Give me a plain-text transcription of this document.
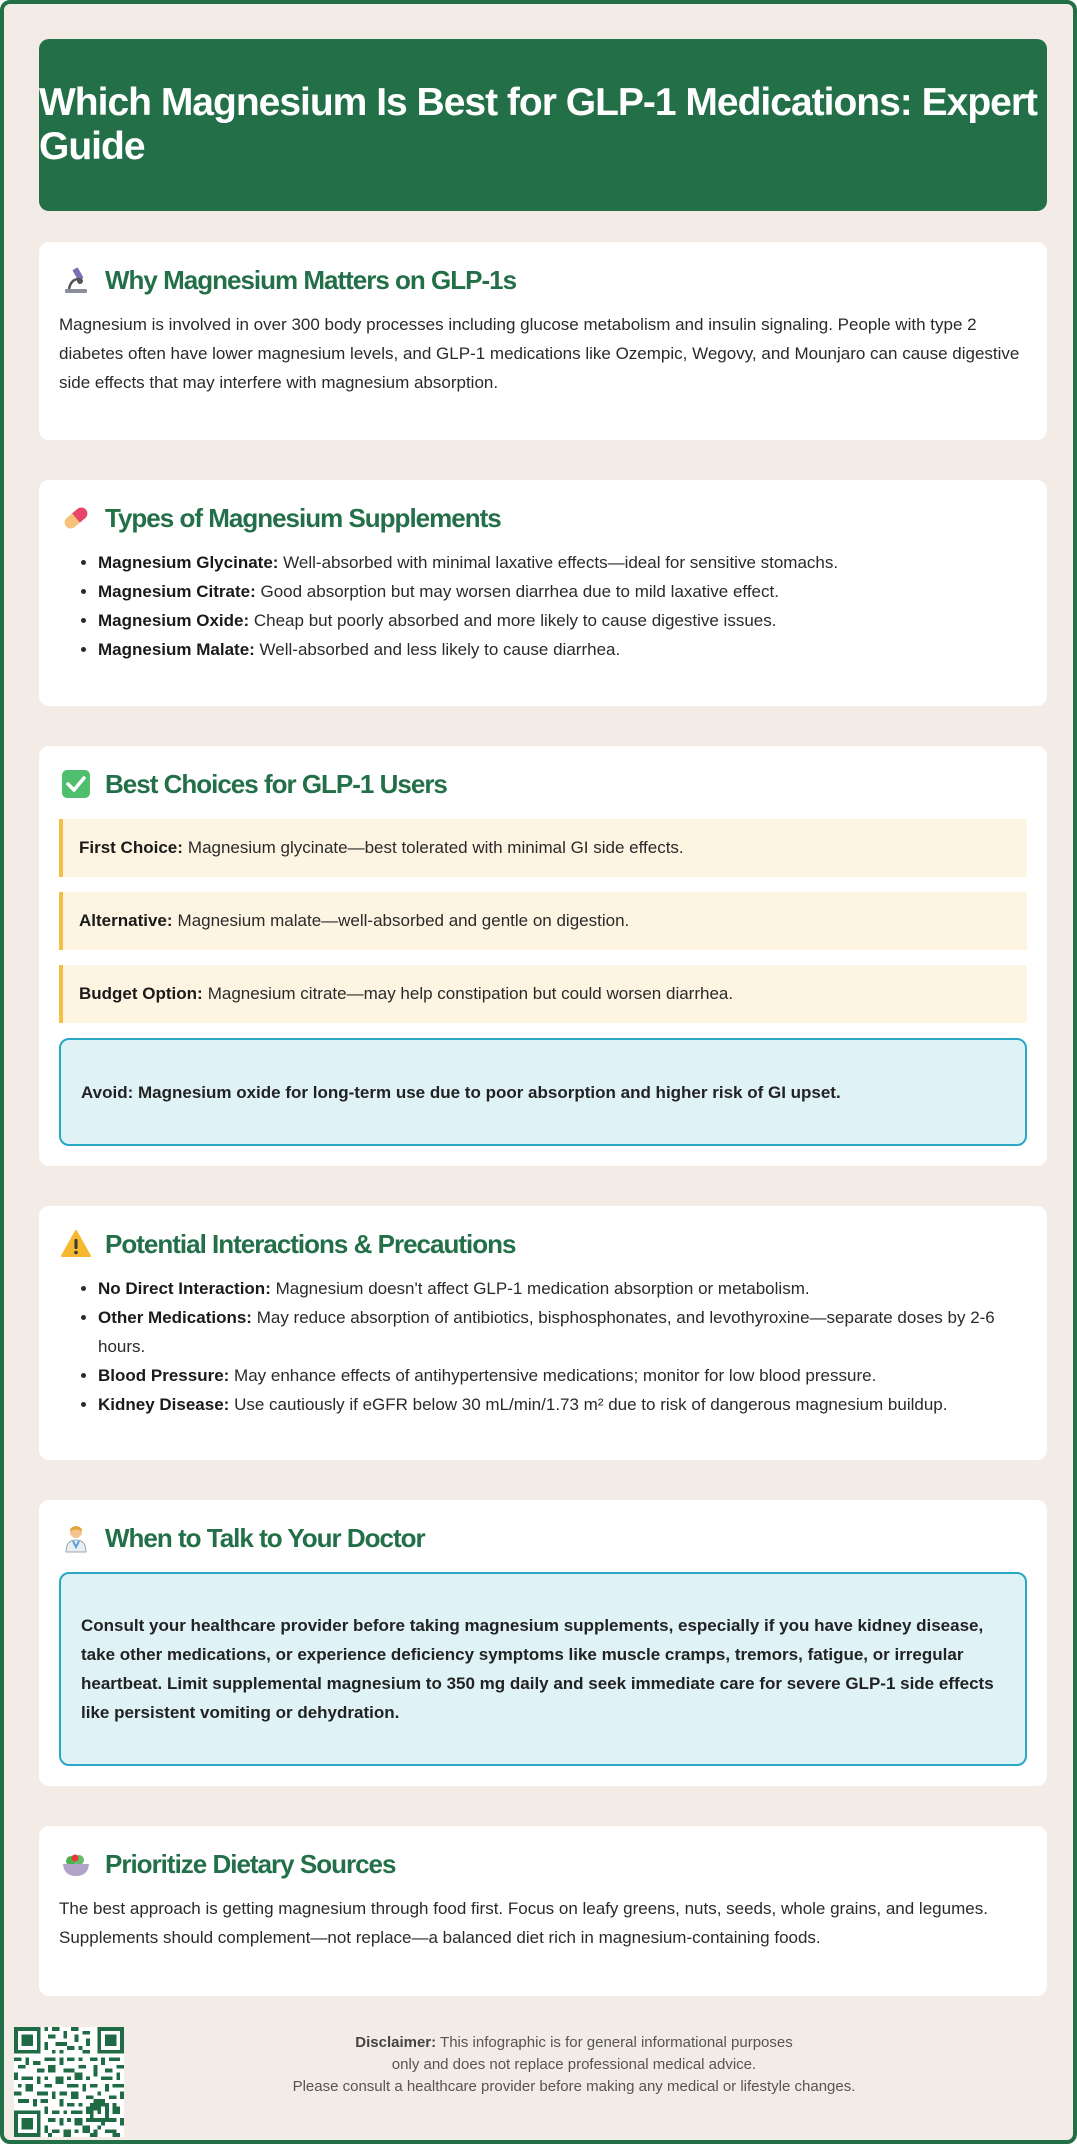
Which Magnesium Is Best for GLP-1 Medications: Expert Guide
Why Magnesium Matters on GLP-1s

Magnesium is involved in over 300 body processes including glucose metabolism and insulin signaling. People with type 2 diabetes often have lower magnesium levels, and GLP-1 medications like Ozempic, Wegovy, and Mounjaro can cause digestive side effects that may interfere with magnesium absorption.

Types of Magnesium Supplements
• Magnesium Glycinate: Well-absorbed with minimal laxative effects—ideal for sensitive stomachs.
• Magnesium Citrate: Good absorption but may worsen diarrhea due to mild laxative effect.
• Magnesium Oxide: Cheap but poorly absorbed and more likely to cause digestive issues.
• Magnesium Malate: Well-absorbed and less likely to cause diarrhea.
Best Choices for GLP-1 Users
First Choice: Magnesium glycinate—best tolerated with minimal GI side effects.
Alternative: Magnesium malate—well-absorbed and gentle on digestion.
Budget Option: Magnesium citrate—may help constipation but could worsen diarrhea.
Avoid: Magnesium oxide for long-term use due to poor absorption and higher risk of GI upset.
Potential Interactions & Precautions
• No Direct Interaction: Magnesium doesn't affect GLP-1 medication absorption or metabolism.
• Other Medications: May reduce absorption of antibiotics, bisphosphonates, and levothyroxine—separate doses by 2-6 hours.
• Blood Pressure: May enhance effects of antihypertensive medications; monitor for low blood pressure.
• Kidney Disease: Use cautiously if eGFR below 30 mL/min/1.73 m² due to risk of dangerous magnesium buildup.
When to Talk to Your Doctor
Consult your healthcare provider before taking magnesium supplements, especially if you have kidney disease, take other medications, or experience deficiency symptoms like muscle cramps, tremors, fatigue, or irregular heartbeat. Limit supplemental magnesium to 350 mg daily and seek immediate care for severe GLP-1 side effects like persistent vomiting or dehydration.
Prioritize Dietary Sources

The best approach is getting magnesium through food first. Focus on leafy greens, nuts, seeds, whole grains, and legumes. Supplements should complement—not replace—a balanced diet rich in magnesium-containing foods.

Disclaimer: This infographic is for general informational purposes
only and does not replace professional medical advice.
Please consult a healthcare provider before making any medical or lifestyle changes.
